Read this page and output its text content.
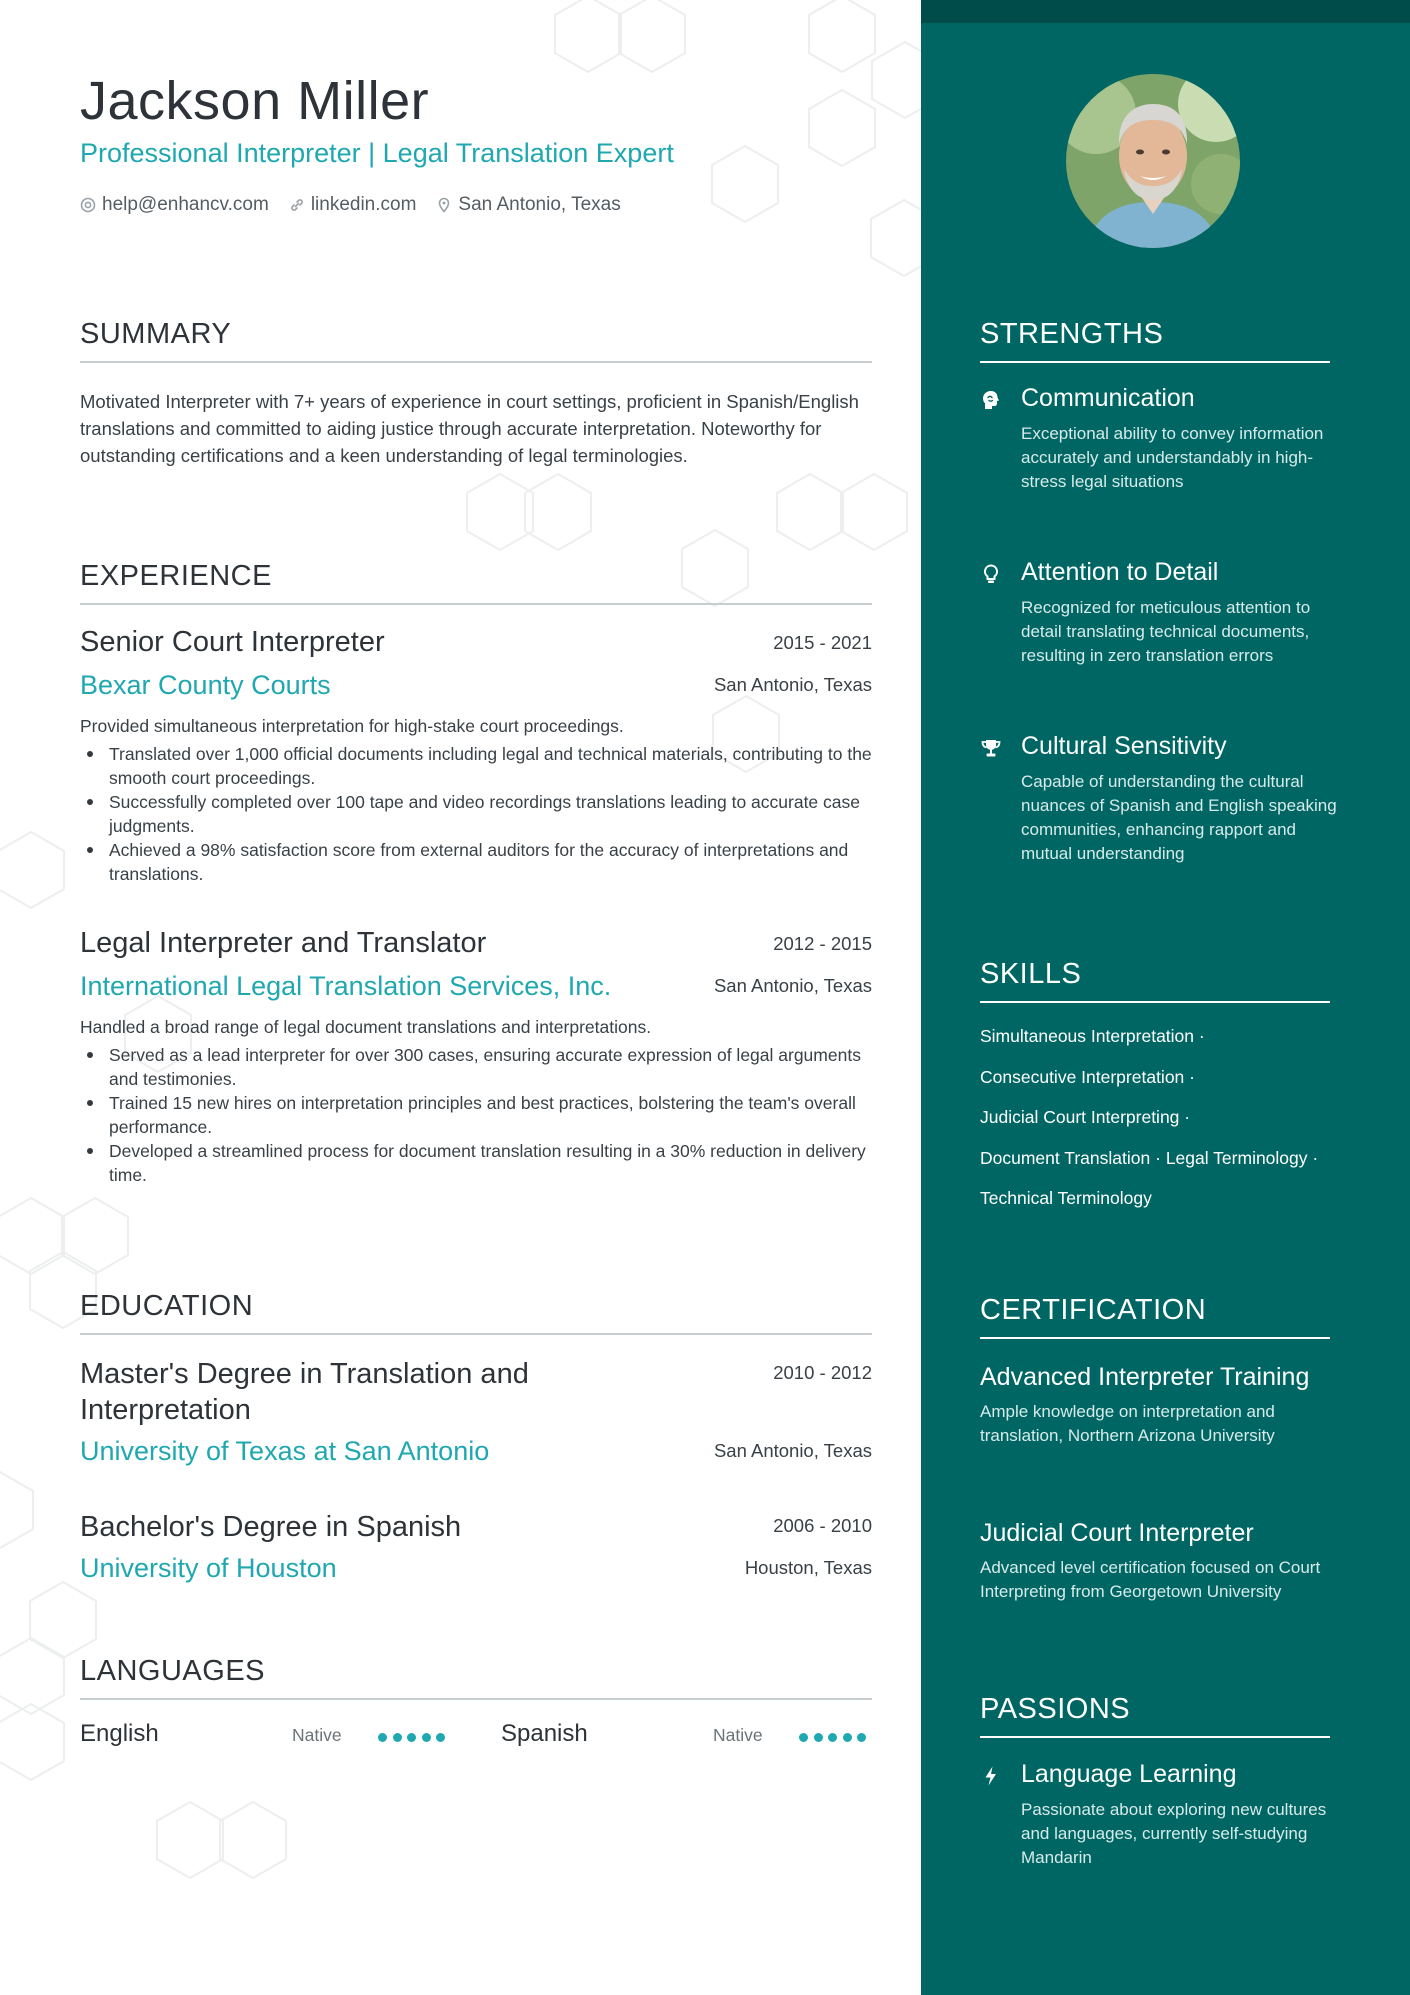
Jackson Miller
Professional Interpreter | Legal Translation Expert
help@enhancv.com linkedin.com San Antonio, Texas
SUMMARY

Motivated Interpreter with 7+ years of experience in court settings, proficient in Spanish/English translations and committed to aiding justice through accurate interpretation. Noteworthy for outstanding certifications and a keen understanding of legal terminologies.

EXPERIENCE
Senior Court Interpreter	2015 - 2021
Bexar County Courts	San Antonio, Texas
Provided simultaneous interpretation for high-stake court proceedings.
Translated over 1,000 official documents including legal and technical materials, contributing to the smooth court proceedings.
Successfully completed over 100 tape and video recordings translations leading to accurate case judgments.
Achieved a 98% satisfaction score from external auditors for the accuracy of interpretations and translations.
Legal Interpreter and Translator	2012 - 2015
International Legal Translation Services, Inc.	San Antonio, Texas
Handled a broad range of legal document translations and interpretations.
Served as a lead interpreter for over 300 cases, ensuring accurate expression of legal arguments and testimonies.
Trained 15 new hires on interpretation principles and best practices, bolstering the team's overall performance.
Developed a streamlined process for document translation resulting in a 30% reduction in delivery time.
EDUCATION
Master's Degree in Translation and Interpretation
2010 - 2012
University of Texas at San Antonio	San Antonio, Texas
Bachelor's Degree in Spanish	2006 - 2010
University of Houston	Houston, Texas
LANGUAGES
English	Native	Spanish	Native
STRENGTHS
Communication
Exceptional ability to convey information accurately and understandably in high-stress legal situations
Attention to Detail
Recognized for meticulous attention to detail translating technical documents, resulting in zero translation errors
Cultural Sensitivity
Capable of understanding the cultural nuances of Spanish and English speaking communities, enhancing rapport and mutual understanding
SKILLS
Simultaneous Interpretation ·
Consecutive Interpretation ·
Judicial Court Interpreting ·
Document Translation · Legal Terminology ·
Technical Terminology
CERTIFICATION
Advanced Interpreter Training
Ample knowledge on interpretation and translation, Northern Arizona University
Judicial Court Interpreter
Advanced level certification focused on Court Interpreting from Georgetown University
PASSIONS
Language Learning
Passionate about exploring new cultures and languages, currently self-studying Mandarin
